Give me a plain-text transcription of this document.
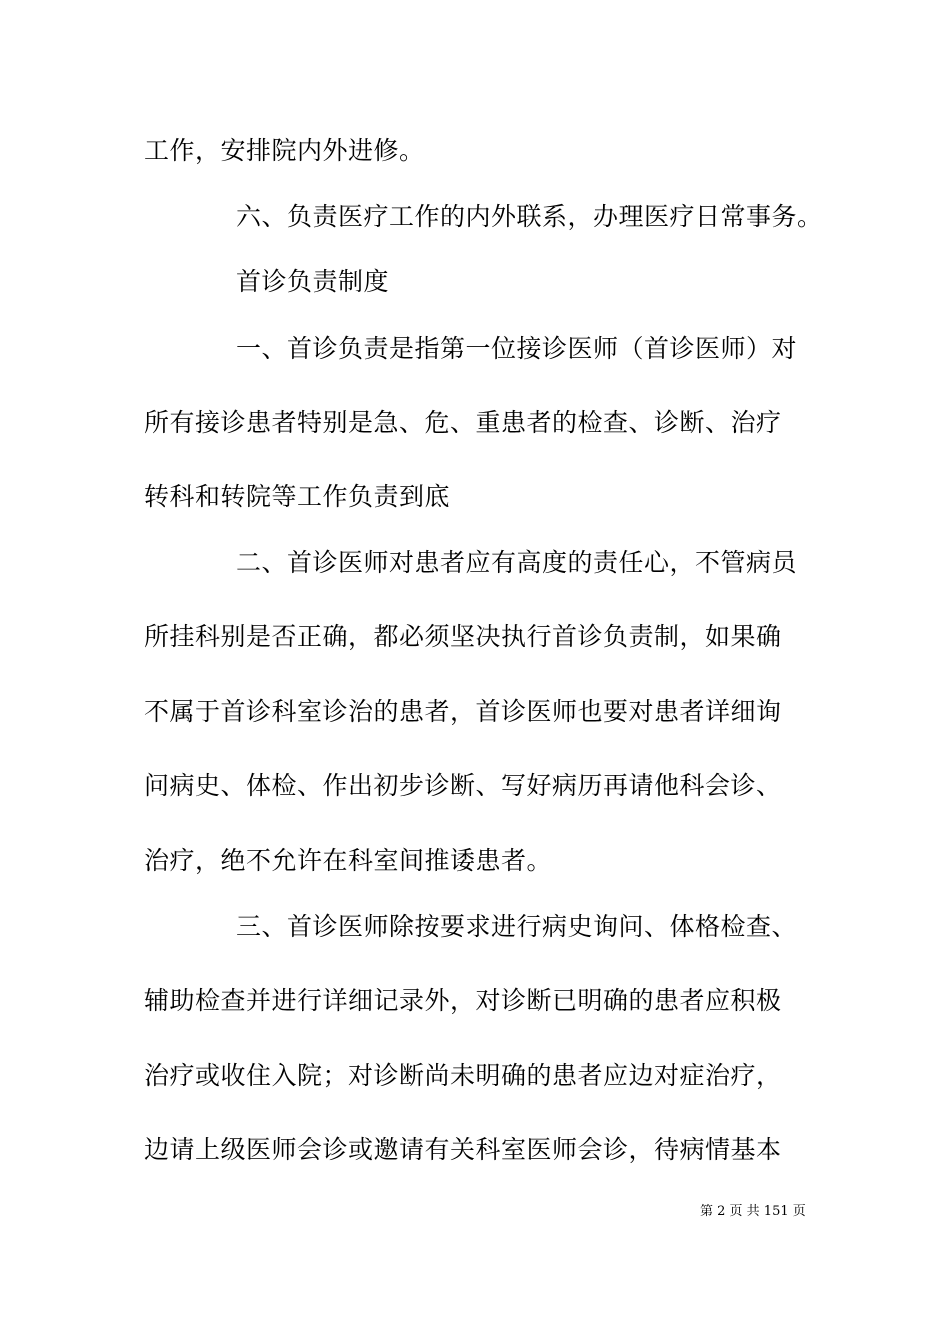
工作，安排院内外进修。
六、负责医疗工作的内外联系，办理医疗日常事务。
首诊负责制度
一、首诊负责是指第一位接诊医师（首诊医师）对
所有接诊患者特别是急、危、重患者的检查、诊断、治疗
转科和转院等工作负责到底
二、首诊医师对患者应有高度的责任心，不管病员
所挂科别是否正确，都必须坚决执行首诊负责制，如果确
不属于首诊科室诊治的患者，首诊医师也要对患者详细询
问病史、体检、作出初步诊断、写好病历再请他科会诊、
治疗，绝不允许在科室间推诿患者。
三、首诊医师除按要求进行病史询问、体格检查、
辅助检查并进行详细记录外，对诊断已明确的患者应积极
治疗或收住入院；对诊断尚未明确的患者应边对症治疗，
边请上级医师会诊或邀请有关科室医师会诊，待病情基本
第 2 页 共 151 页
